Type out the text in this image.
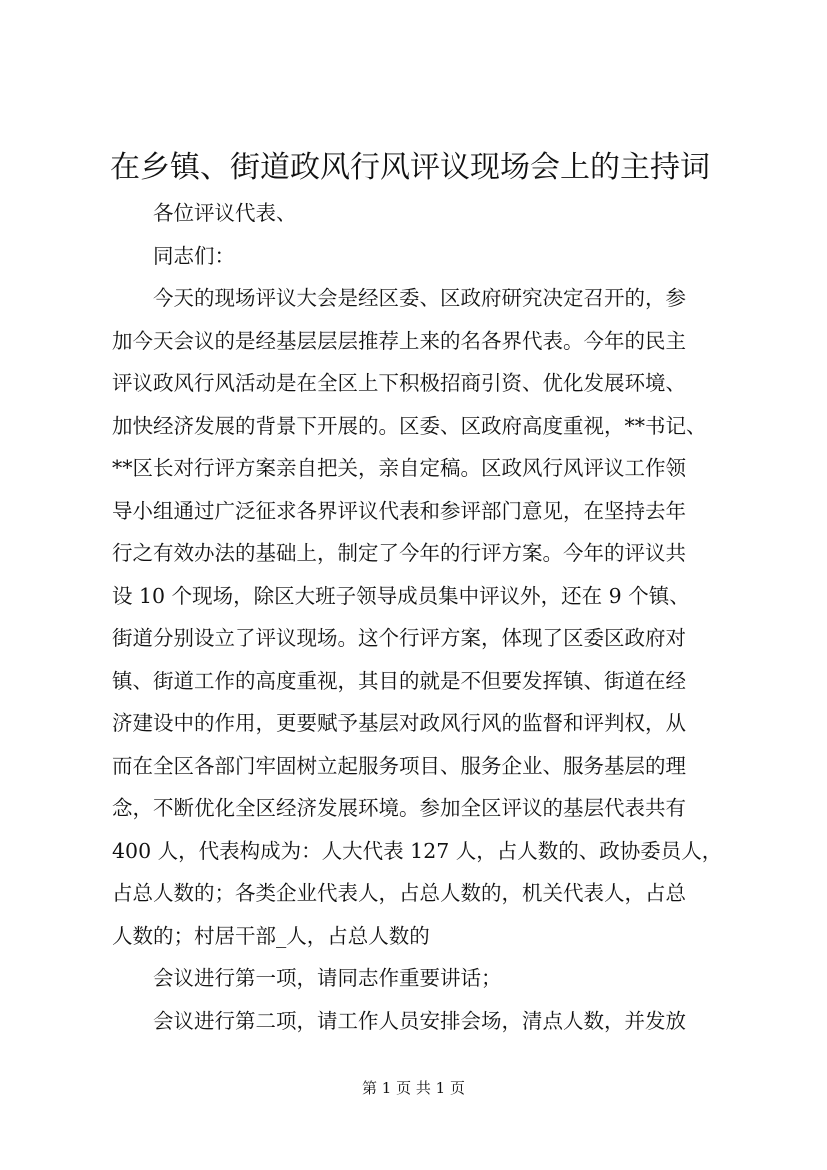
在乡镇、街道政风行风评议现场会上的主持词

各位评议代表、

同志们：

今天的现场评议大会是经区委、区政府研究决定召开的，参
加今天会议的是经基层层层推荐上来的名各界代表。今年的民主
评议政风行风活动是在全区上下积极招商引资、优化发展环境、
加快经济发展的背景下开展的。区委、区政府高度重视，**书记、
**区长对行评方案亲自把关，亲自定稿。区政风行风评议工作领
导小组通过广泛征求各界评议代表和参评部门意见，在坚持去年
行之有效办法的基础上，制定了今年的行评方案。今年的评议共
设 10 个现场，除区大班子领导成员集中评议外，还在 9 个镇、
街道分别设立了评议现场。这个行评方案，体现了区委区政府对
镇、街道工作的高度重视，其目的就是不但要发挥镇、街道在经
济建设中的作用，更要赋予基层对政风行风的监督和评判权，从
而在全区各部门牢固树立起服务项目、服务企业、服务基层的理
念，不断优化全区经济发展环境。参加全区评议的基层代表共有
400 人，代表构成为：人大代表 127 人，占人数的、政协委员人，
占总人数的；各类企业代表人，占总人数的，机关代表人，占总
人数的；村居干部_人，占总人数的

会议进行第一项，请同志作重要讲话；

会议进行第二项，请工作人员安排会场，清点人数，并发放

第 1 页 共 1 页
